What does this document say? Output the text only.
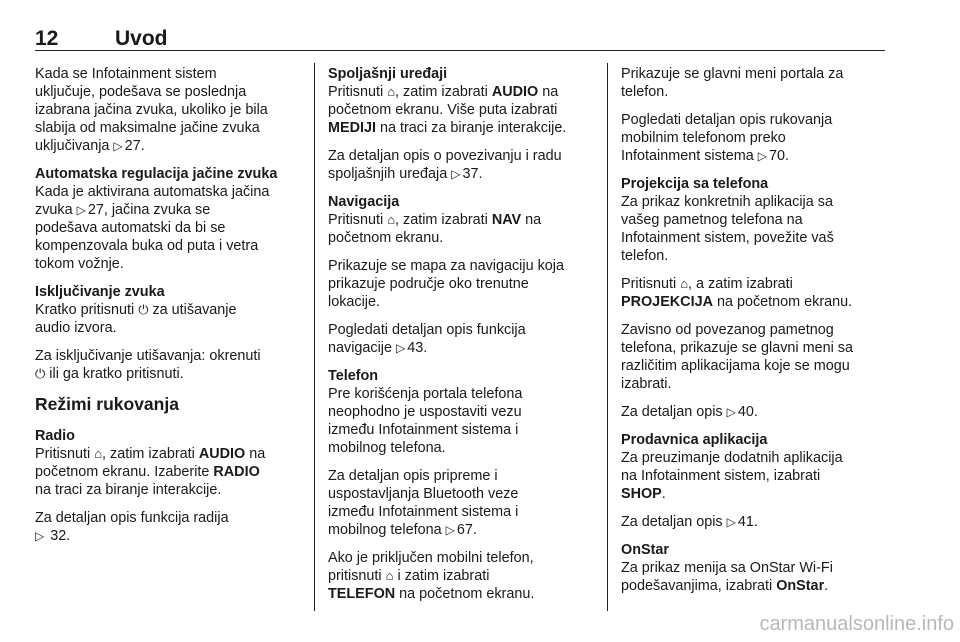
12	Uvod

Kada se Infotainment sistem
uključuje, podešava se poslednja
izabrana jačina zvuka, ukoliko je bila
slabija od maksimalne jačine zvuka
uključivanja ▷ 27.

Automatska regulacija jačine zvuka

Kada je aktivirana automatska jačina
zvuka ▷ 27, jačina zvuka se
podešava automatski da bi se
kompenzovala buka od puta i vetra
tokom vožnje.

Isključivanje zvuka

Kratko pritisnuti ⏻ za utišavanje
audio izvora.

Za isključivanje utišavanja: okrenuti
⏻ ili ga kratko pritisnuti.

Režimi rukovanja
Radio

Pritisnuti ⌂, zatim izabrati AUDIO na
početnom ekranu. Izaberite RADIO
na traci za biranje interakcije.

Za detaljan opis funkcija radija
▷ 32.

Spoljašnji uređaji

Pritisnuti ⌂, zatim izabrati AUDIO na
početnom ekranu. Više puta izabrati
MEDIJI na traci za biranje interakcije.

Za detaljan opis o povezivanju i radu
spoljašnjih uređaja ▷ 37.

Navigacija

Pritisnuti ⌂, zatim izabrati NAV na
početnom ekranu.

Prikazuje se mapa za navigaciju koja
prikazuje područje oko trenutne
lokacije.

Pogledati detaljan opis funkcija
navigacije ▷ 43.

Telefon

Pre korišćenja portala telefona
neophodno je uspostaviti vezu
između Infotainment sistema i
mobilnog telefona.

Za detaljan opis pripreme i
uspostavljanja Bluetooth veze
između Infotainment sistema i
mobilnog telefona ▷ 67.

Ako je priključen mobilni telefon,
pritisnuti ⌂ i zatim izabrati
TELEFON na početnom ekranu.

Prikazuje se glavni meni portala za
telefon.

Pogledati detaljan opis rukovanja
mobilnim telefonom preko
Infotainment sistema ▷ 70.

Projekcija sa telefona

Za prikaz konkretnih aplikacija sa
vašeg pametnog telefona na
Infotainment sistem, povežite vaš
telefon.

Pritisnuti ⌂, a zatim izabrati
PROJEKCIJA na početnom ekranu.

Zavisno od povezanog pametnog
telefona, prikazuje se glavni meni sa
različitim aplikacijama koje se mogu
izabrati.

Za detaljan opis ▷ 40.

Prodavnica aplikacija

Za preuzimanje dodatnih aplikacija
na Infotainment sistem, izabrati
SHOP.

Za detaljan opis ▷ 41.

OnStar

Za prikaz menija sa OnStar Wi-Fi
podešavanjima, izabrati OnStar.

carmanualsonline.info
